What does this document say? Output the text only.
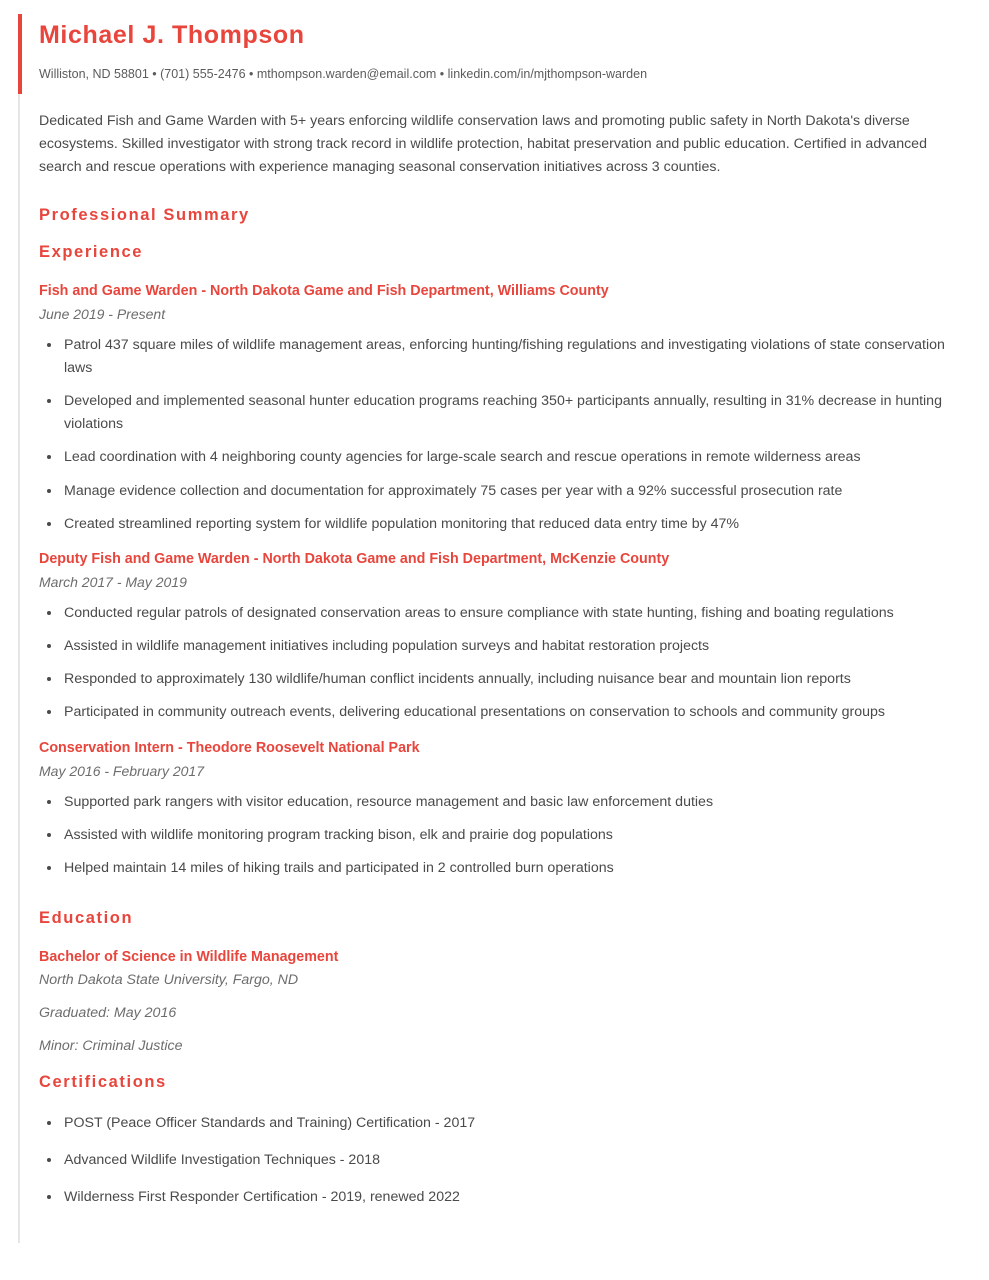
Michael J. Thompson

Williston, ND 58801 • (701) 555-2476 • mthompson.warden@email.com • linkedin.com/in/mjthompson-warden

Dedicated Fish and Game Warden with 5+ years enforcing wildlife conservation laws and promoting public safety in North Dakota's diverse ecosystems. Skilled investigator with strong track record in wildlife protection, habitat preservation and public education. Certified in advanced search and rescue operations with experience managing seasonal conservation initiatives across 3 counties.

Professional Summary
Experience

Fish and Game Warden - North Dakota Game and Fish Department, Williams County

June 2019 - Present

Patrol 437 square miles of wildlife management areas, enforcing hunting/fishing regulations and investigating violations of state conservation laws
Developed and implemented seasonal hunter education programs reaching 350+ participants annually, resulting in 31% decrease in hunting violations
Lead coordination with 4 neighboring county agencies for large-scale search and rescue operations in remote wilderness areas
Manage evidence collection and documentation for approximately 75 cases per year with a 92% successful prosecution rate
Created streamlined reporting system for wildlife population monitoring that reduced data entry time by 47%

Deputy Fish and Game Warden - North Dakota Game and Fish Department, McKenzie County

March 2017 - May 2019

Conducted regular patrols of designated conservation areas to ensure compliance with state hunting, fishing and boating regulations
Assisted in wildlife management initiatives including population surveys and habitat restoration projects
Responded to approximately 130 wildlife/human conflict incidents annually, including nuisance bear and mountain lion reports
Participated in community outreach events, delivering educational presentations on conservation to schools and community groups

Conservation Intern - Theodore Roosevelt National Park

May 2016 - February 2017

Supported park rangers with visitor education, resource management and basic law enforcement duties
Assisted with wildlife monitoring program tracking bison, elk and prairie dog populations
Helped maintain 14 miles of hiking trails and participated in 2 controlled burn operations
Education

Bachelor of Science in Wildlife Management

North Dakota State University, Fargo, ND

Graduated: May 2016

Minor: Criminal Justice

Certifications
POST (Peace Officer Standards and Training) Certification - 2017
Advanced Wildlife Investigation Techniques - 2018
Wilderness First Responder Certification - 2019, renewed 2022
